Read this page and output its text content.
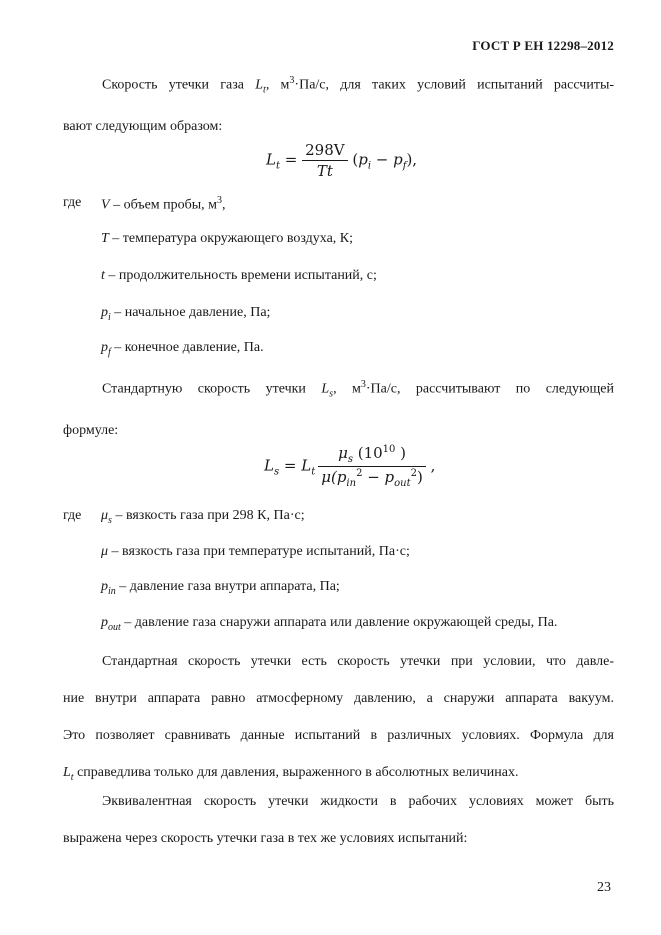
ГОСТ Р ЕН 12298–2012
Скорость утечки газа $L_t$, $м^3\cdot Па/с$, для таких условий испытаний рассчиты-
вают следующим образом:
$L_t = \frac{298V}{Tt} (p_i - p_f)$,
где V – объем пробы, $м^3$,
T – температура окружающего воздуха, К;
t – продолжительность времени испытаний, с;
$p_i$ – начальное давление, Па;
$p_f$ – конечное давление, Па.
Стандартную скорость утечки $L_s$, $м^3\cdot Па/с$, рассчитывают по следующей
формуле:
$L_s = L_t \frac{\mu_s (10^{10} )}{\mu(p_{in}^2 - p_{out}^2)}$ ,
где $\mu_s$ – вязкость газа при 298 К, Па·с;
μ – вязкость газа при температуре испытаний, Па·с;
$p_{in}$ – давление газа внутри аппарата, Па;
$p_{out}$ – давление газа снаружи аппарата или давление окружающей среды, Па.
Стандартная скорость утечки есть скорость утечки при условии, что давле-
ние внутри аппарата равно атмосферному давлению, а снаружи аппарата вакуум.
Это позволяет сравнивать данные испытаний в различных условиях. Формула для
$L_t$ справедлива только для давления, выраженного в абсолютных величинах.
Эквивалентная скорость утечки жидкости в рабочих условиях может быть
выражена через скорость утечки газа в тех же условиях испытаний:
23
